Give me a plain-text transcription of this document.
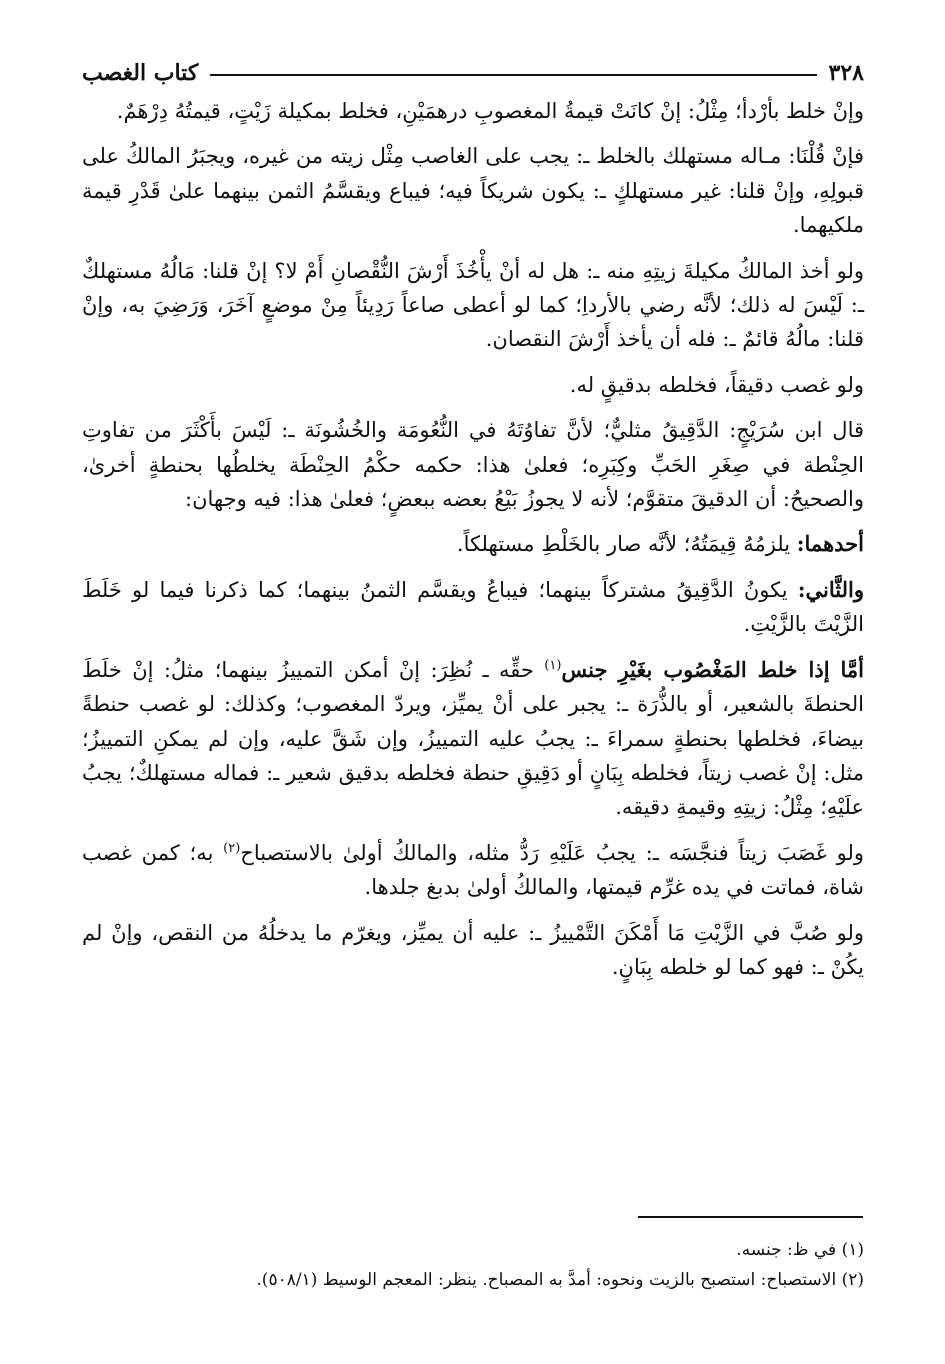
٣٢٨
كتاب الغصب

وإنْ خلط بأرْدأ؛ مِثْلُ: إنْ كانَتْ قيمةُ المغصوبِ درهمَيْنِ، فخلط بمكيلة زَيْتٍ، قيمتُهُ دِرْهَمٌ.

فإنْ قُلْنَا: مـاله مستهلك بالخلط ـ: يجب على الغاصب مِثْل زيته من غيره، ويجبَرُ المالكُ على قبولِهِ، وإنْ قلنا: غير مستهلكٍ ـ: يكون شريكاً فيه؛ فيباع ويقسَّمُ الثمن بينهما علىٰ قَدْرِ قيمة ملكيهما.

ولو أخذ المالكُ مكيلةَ زيتِهِ منه ـ: هل له أنْ يأْخُذَ أَرْشَ النُّقْصانِ أَمْ لا؟ إنْ قلنا: مَالُهُ مستهلكٌ ـ: لَيْسَ له ذلك؛ لأنَّه رضي بالأرداِ؛ كما لو أعطى صاعاً رَدِيئاً مِنْ موضعٍ آخَرَ، وَرَضِيَ به، وإنْ قلنا: مالُهُ قائمٌ ـ: فله أن يأخذ أَرْشَ النقصان.

ولو غصب دقيقاً، فخلطه بدقيقٍ له.

قال ابن سُرَيْجٍ: الدَّقِيقُ مثليٌّ؛ لأنَّ تفاوُتَهُ في النُّعُومَة والخُشُونَة ـ: لَيْسَ بأَكْثَرَ من تفاوتِ الحِنْطة في صِغَرِ الحَبِّ وكِبَرِه؛ فعلىٰ هذا: حكمه حكْمُ الحِنْطَة يخلطُها بحنطةٍ أخرىٰ، والصحيحُ: أن الدقيقَ متقوَّم؛ لأنه لا يجوزُ بَيْعُ بعضه ببعضٍ؛ فعلىٰ هذا: فيه وجهان:

أحدهما: يلزمُهُ قِيمَتُهُ؛ لأنَّه صار بالخَلْطِ مستهلكاً.

والثَّاني: يكونُ الدَّقِيقُ مشتركاً بينهما؛ فيباعُ ويقسَّم الثمنُ بينهما؛ كما ذكرنا فيما لو خَلَطَ الزَّيْتَ بالزَّيْتِ.

أمَّا إذا خلط المَغْصُوب بغَيْرِ جنس$^{(١)}$ حقِّه ـ نُظِرَ: إنْ أمكن التمييزُ بينهما؛ مثلُ: إنْ خلَطَ الحنطةَ بالشعير، أو بالذُّرَة ـ: يجبر على أنْ يميِّز، ويردّ المغصوب؛ وكذلك: لو غصب حنطةً بيضاءَ، فخلطها بحنطةٍ سمراءَ ـ: يجبُ عليه التمييزُ، وإن شَقَّ عليه، وإن لم يمكنِ التمييزُ؛ مثل: إنْ غصب زيتاً، فخلطه بِبَانٍ أو دَقِيقِ حنطة فخلطه بدقيق شعير ـ: فماله مستهلكٌ؛ يجبُ علَيْهِ؛ مِثْلُ: زيتِهِ وقيمةِ دقيقه.

ولو غَصَبَ زيتاً فنجَّسَه ـ: يجبُ عَلَيْهِ رَدُّ مثله، والمالكُ أولىٰ بالاستصباح$^{(٢)}$ به؛ كمن غصب شاة، فماتت في يده غرِّم قيمتها، والمالكُ أولىٰ بدبغ جلدها.

ولو صُبَّ في الزَّيْتِ مَا أَمْكَنَ التَّمْييزُ ـ: عليه أن يميِّز، ويغرّم ما يدخلُهُ من النقص، وإنْ لم يكُنْ ـ: فهو كما لو خلطه بِبَانٍ.

(١) في ظ: جنسه.
(٢) الاستصباح: استصبح بالزيت ونحوه: أمدَّ به المصباح. ينظر: المعجم الوسيط (٥٠٨/١).
